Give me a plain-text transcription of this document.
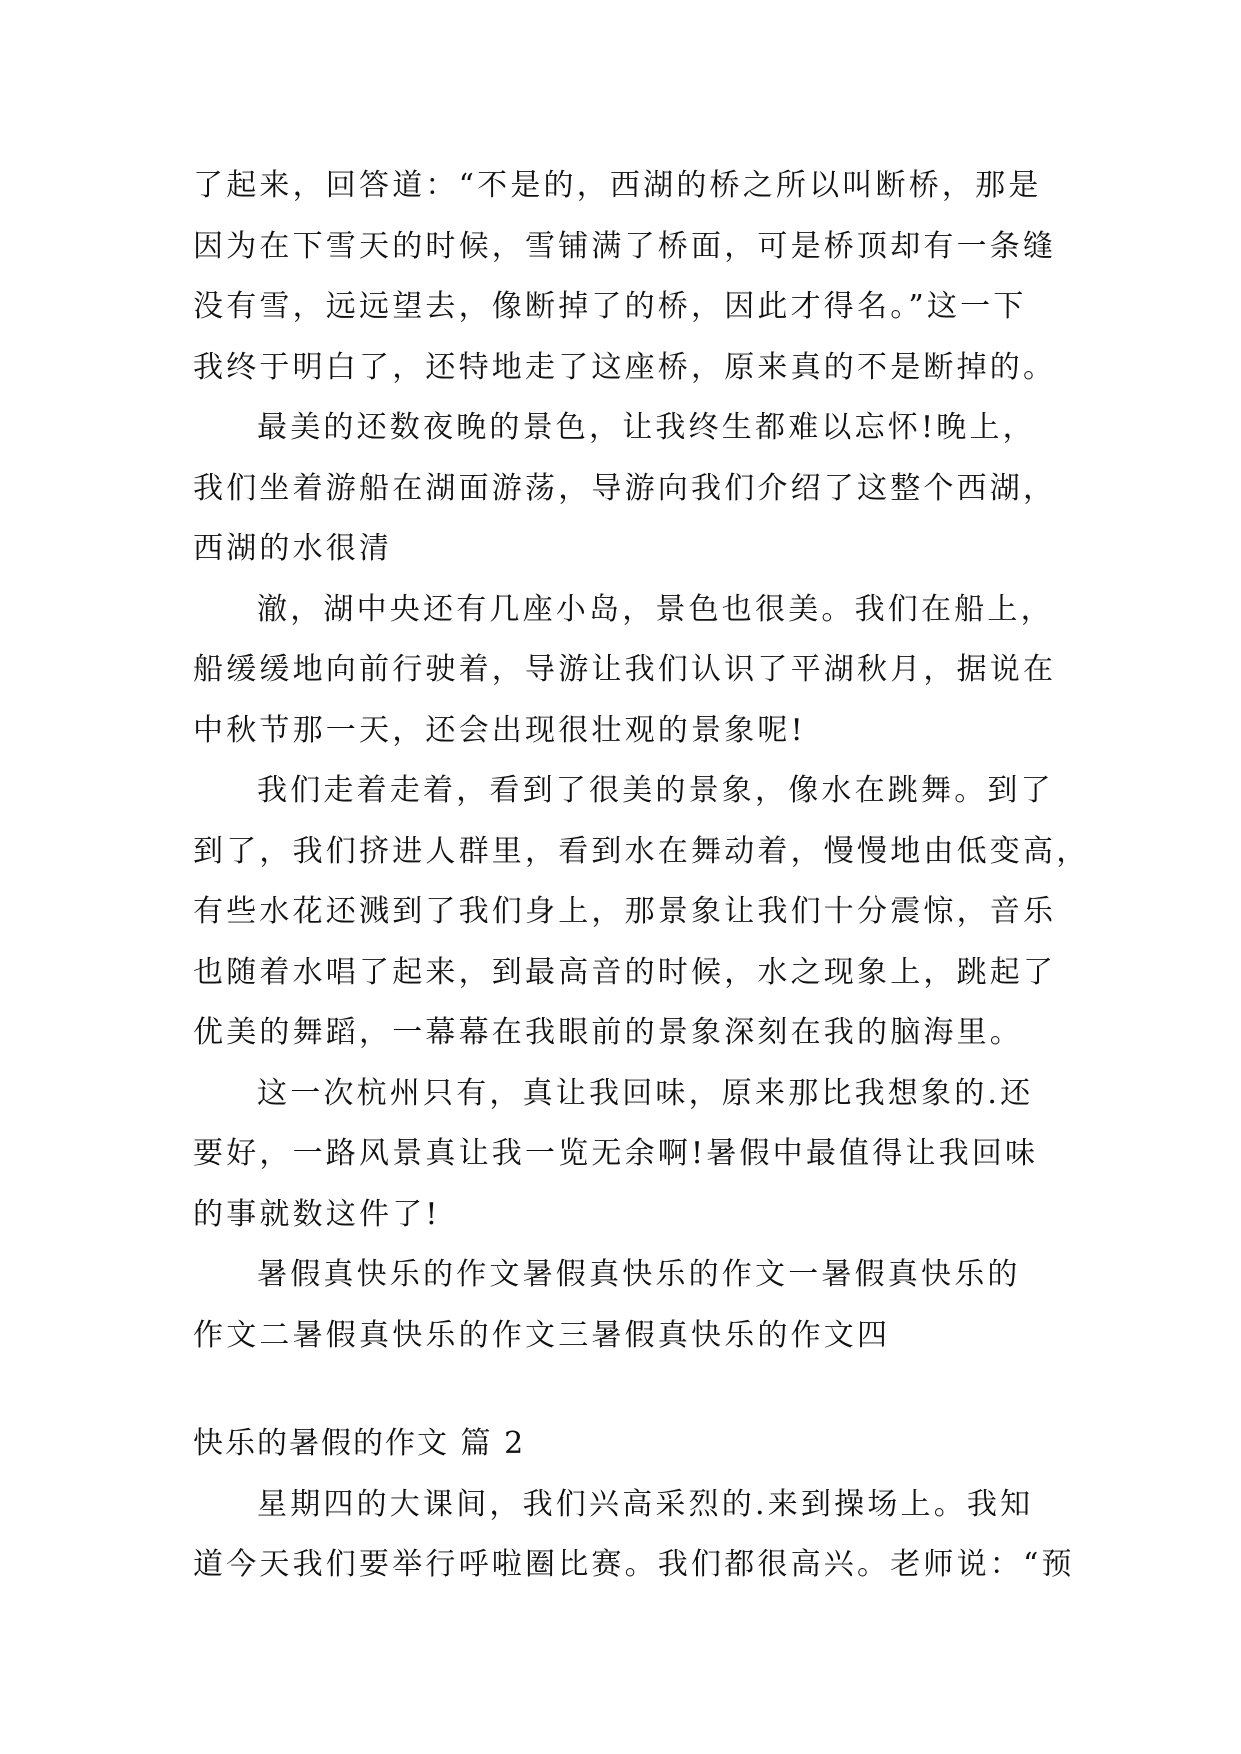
了起来，回答道：“不是的，西湖的桥之所以叫断桥，那是
因为在下雪天的时候，雪铺满了桥面，可是桥顶却有一条缝
没有雪，远远望去，像断掉了的桥，因此才得名。”这一下
我终于明白了，还特地走了这座桥，原来真的不是断掉的。
最美的还数夜晚的景色，让我终生都难以忘怀!晚上，
我们坐着游船在湖面游荡，导游向我们介绍了这整个西湖，
西湖的水很清
澈，湖中央还有几座小岛，景色也很美。我们在船上，
船缓缓地向前行驶着，导游让我们认识了平湖秋月，据说在
中秋节那一天，还会出现很壮观的景象呢!
我们走着走着，看到了很美的景象，像水在跳舞。到了
到了，我们挤进人群里，看到水在舞动着，慢慢地由低变高，
有些水花还溅到了我们身上，那景象让我们十分震惊，音乐
也随着水唱了起来，到最高音的时候，水之现象上，跳起了
优美的舞蹈，一幕幕在我眼前的景象深刻在我的脑海里。
这一次杭州只有，真让我回味，原来那比我想象的.还
要好，一路风景真让我一览无余啊!暑假中最值得让我回味
的事就数这件了!
暑假真快乐的作文暑假真快乐的作文一暑假真快乐的
作文二暑假真快乐的作文三暑假真快乐的作文四
快乐的暑假的作文 篇 2
星期四的大课间，我们兴高采烈的.来到操场上。我知
道今天我们要举行呼啦圈比赛。我们都很高兴。老师说：“预
